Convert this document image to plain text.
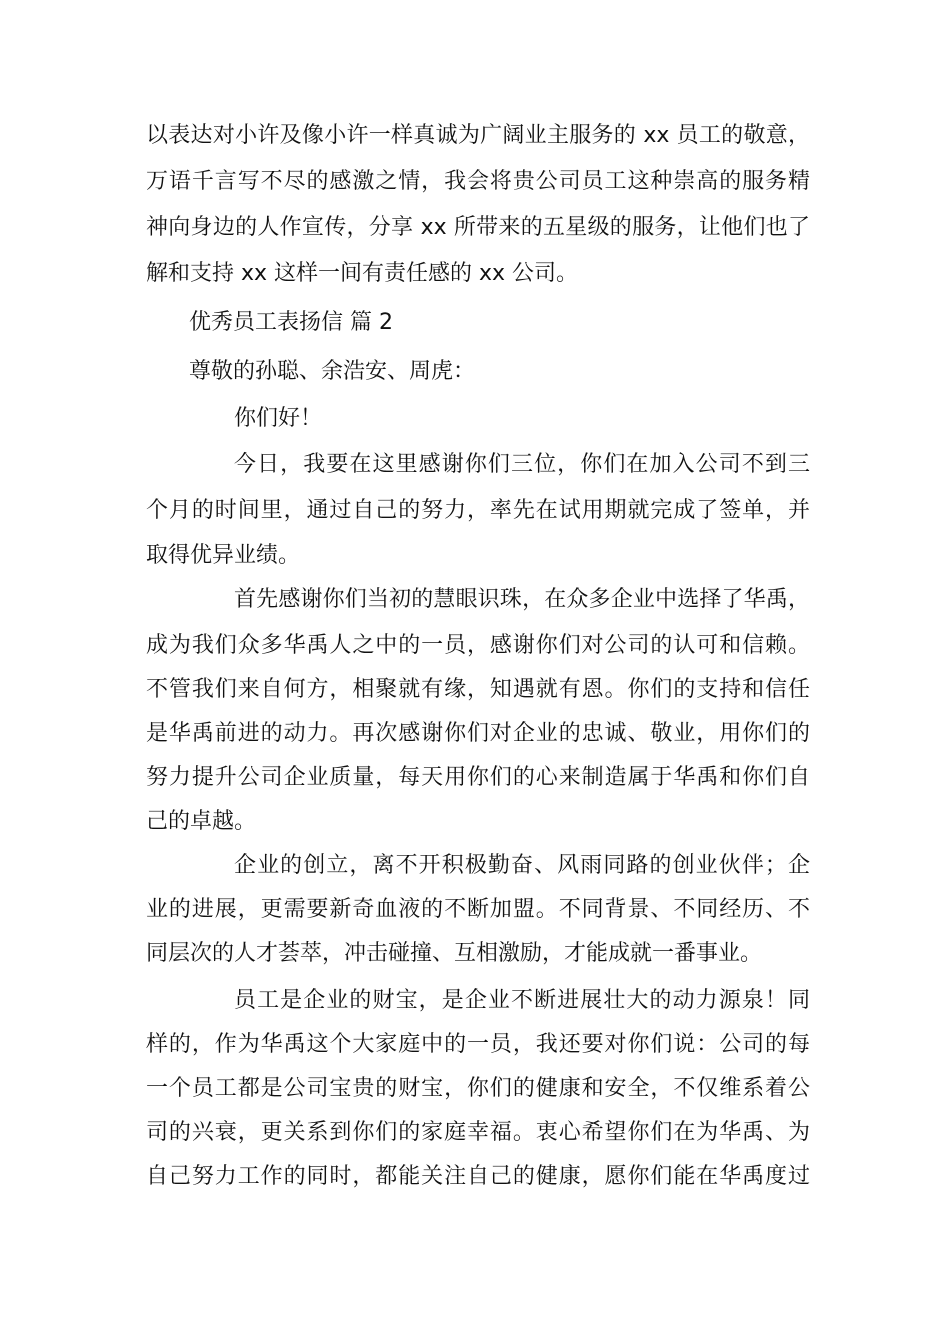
以表达对小许及像小许一样真诚为广阔业主服务的 xx 员工的敬意，
万语千言写不尽的感激之情，我会将贵公司员工这种崇高的服务精
神向身边的人作宣传，分享 xx 所带来的五星级的服务，让他们也了
解和支持 xx 这样一间有责任感的 xx 公司。
优秀员工表扬信 篇 2
尊敬的孙聪、余浩安、周虎：
你们好！
今日，我要在这里感谢你们三位，你们在加入公司不到三
个月的时间里，通过自己的努力，率先在试用期就完成了签单，并
取得优异业绩。
首先感谢你们当初的慧眼识珠，在众多企业中选择了华禹，
成为我们众多华禹人之中的一员，感谢你们对公司的认可和信赖。
不管我们来自何方，相聚就有缘，知遇就有恩。你们的支持和信任
是华禹前进的动力。再次感谢你们对企业的忠诚、敬业，用你们的
努力提升公司企业质量，每天用你们的心来制造属于华禹和你们自
己的卓越。
企业的创立，离不开积极勤奋、风雨同路的创业伙伴；企
业的进展，更需要新奇血液的不断加盟。不同背景、不同经历、不
同层次的人才荟萃，冲击碰撞、互相激励，才能成就一番事业。
员工是企业的财宝，是企业不断进展壮大的动力源泉！同
样的，作为华禹这个大家庭中的一员，我还要对你们说：公司的每
一个员工都是公司宝贵的财宝，你们的健康和安全，不仅维系着公
司的兴衰，更关系到你们的家庭幸福。衷心希望你们在为华禹、为
自己努力工作的同时，都能关注自己的健康，愿你们能在华禹度过
